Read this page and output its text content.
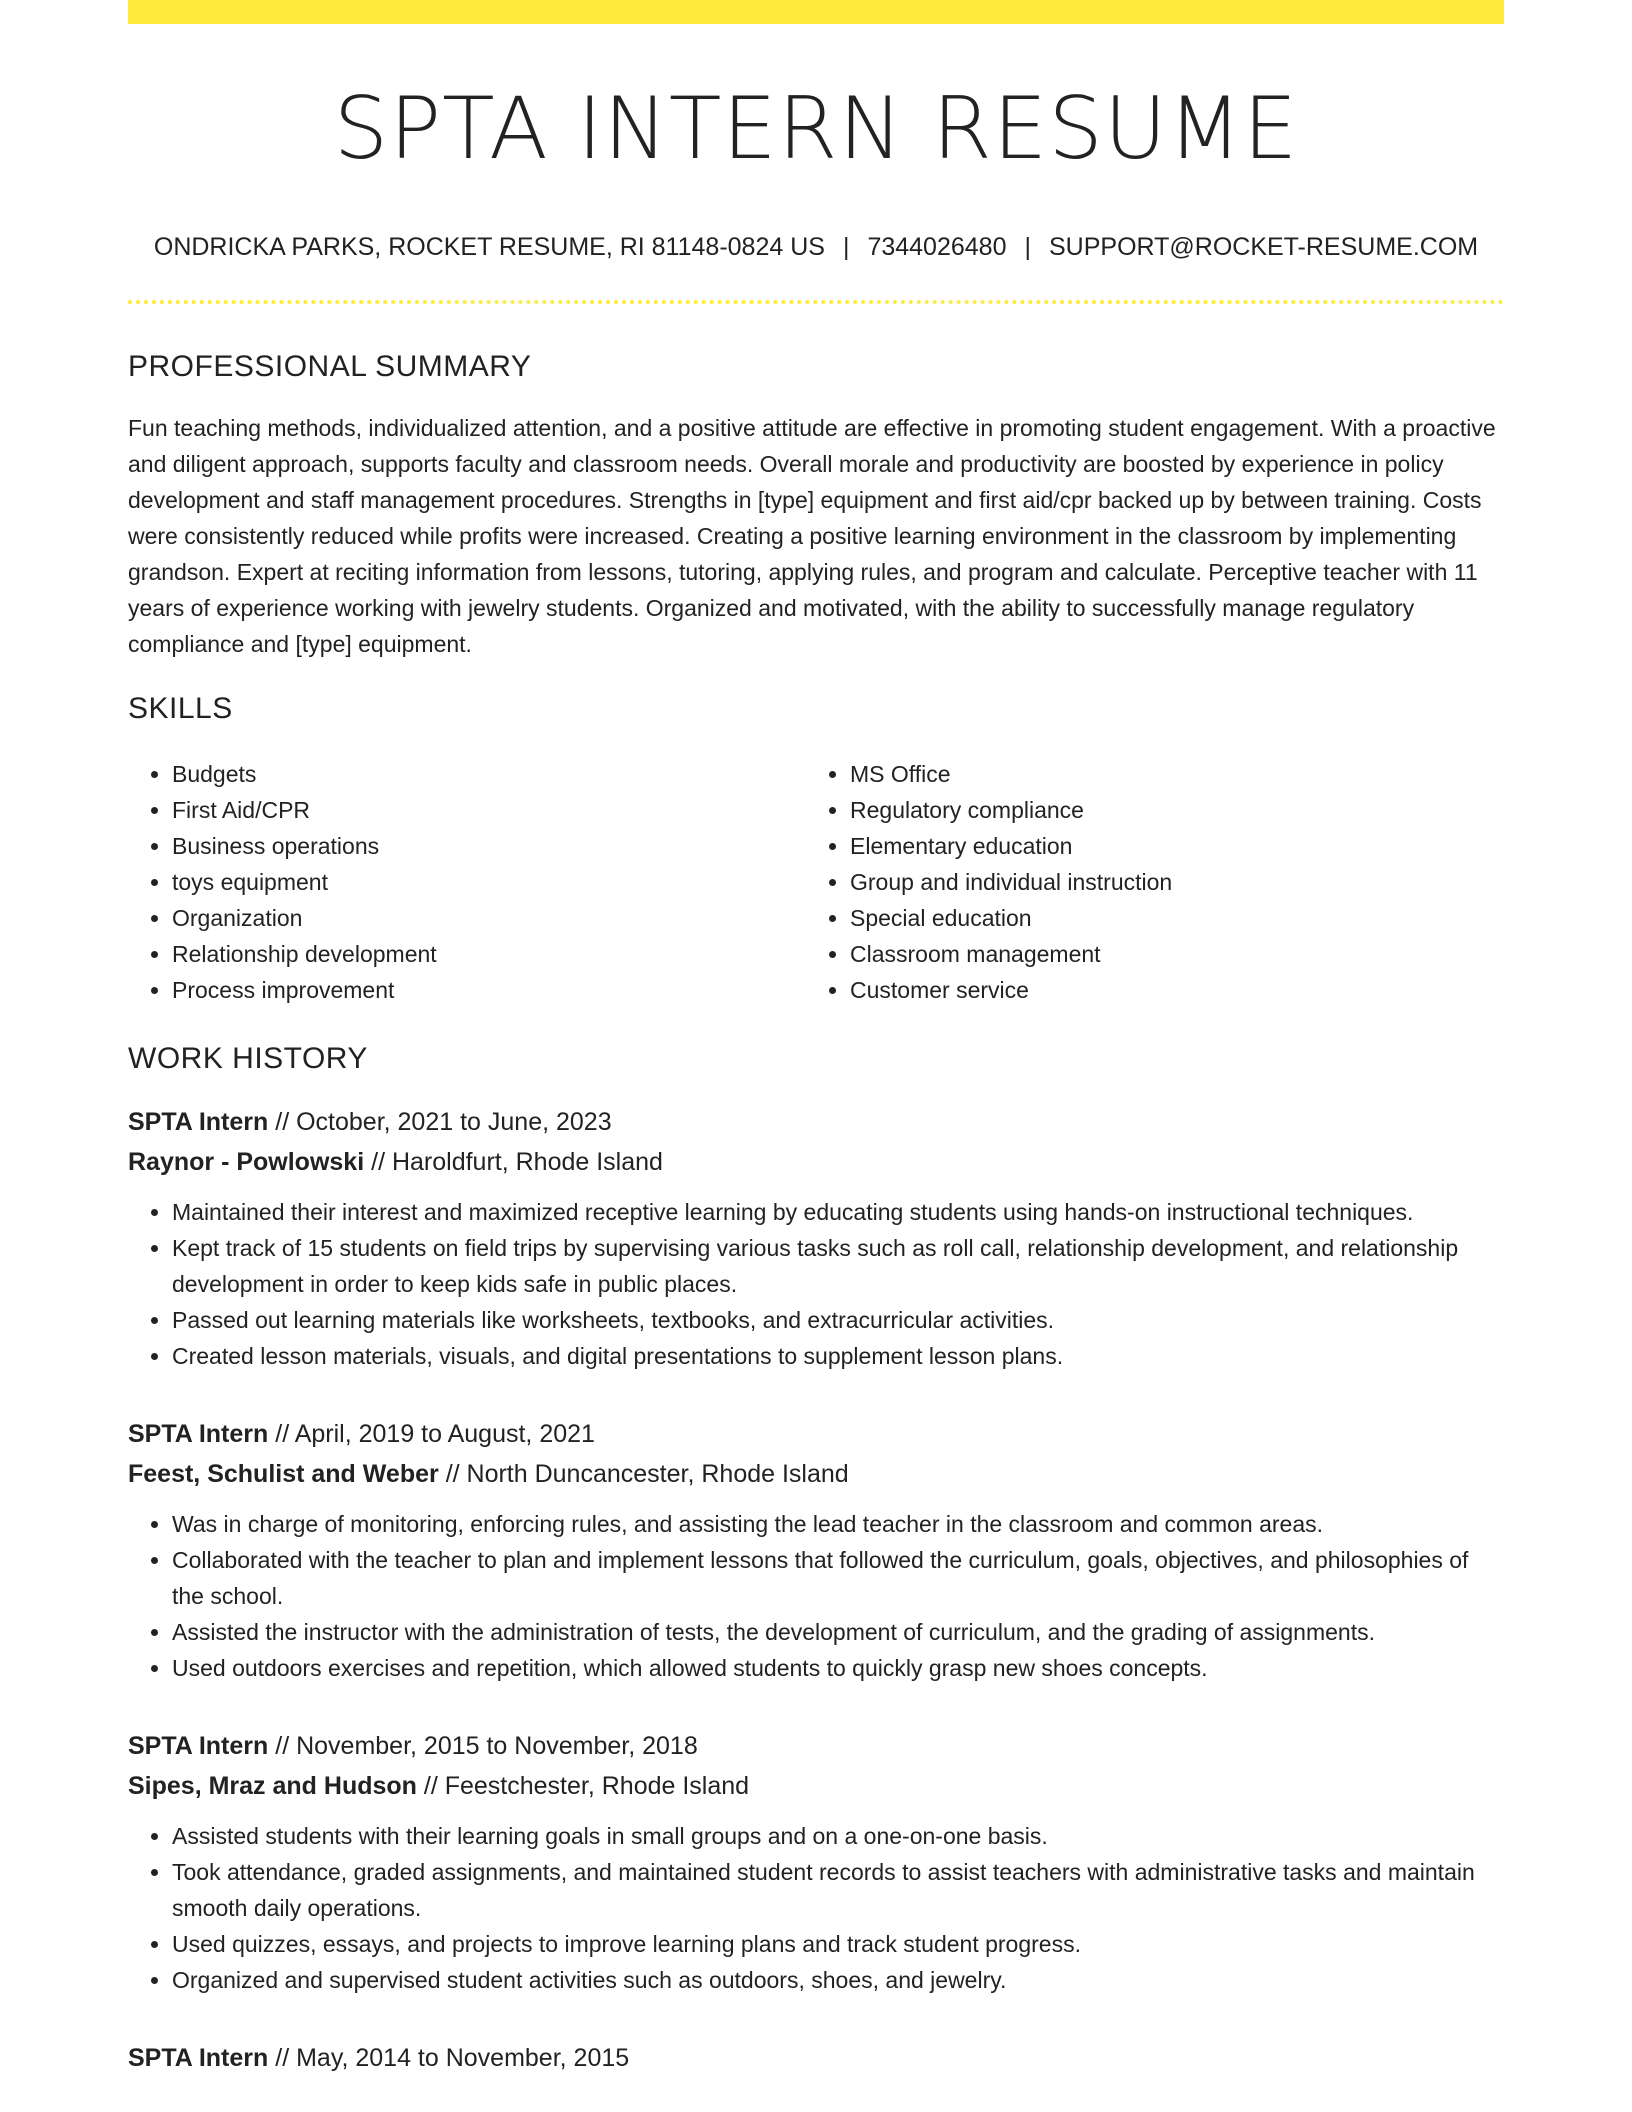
SPTA INTERN RESUME
ONDRICKA PARKS, ROCKET RESUME, RI 81148-0824 US | 7344026480 | SUPPORT@ROCKET-RESUME.COM
PROFESSIONAL SUMMARY

Fun teaching methods, individualized attention, and a positive attitude are effective in promoting student engagement. With a proactive and diligent approach, supports faculty and classroom needs. Overall morale and productivity are boosted by experience in policy development and staff management procedures. Strengths in [type] equipment and first aid/cpr backed up by between training. Costs were consistently reduced while profits were increased. Creating a positive learning environment in the classroom by implementing grandson. Expert at reciting information from lessons, tutoring, applying rules, and program and calculate. Perceptive teacher with 11 years of experience working with jewelry students. Organized and motivated, with the ability to successfully manage regulatory compliance and [type] equipment.

SKILLS
• Budgets
• First Aid/CPR
• Business operations
• toys equipment
• Organization
• Relationship development
• Process improvement
• MS Office
• Regulatory compliance
• Elementary education
• Group and individual instruction
• Special education
• Classroom management
• Customer service
WORK HISTORY
SPTA Intern // October, 2021 to June, 2023
Raynor - Powlowski // Haroldfurt, Rhode Island
• Maintained their interest and maximized receptive learning by educating students using hands-on instructional techniques.
• Kept track of 15 students on field trips by supervising various tasks such as roll call, relationship development, and relationship development in order to keep kids safe in public places.
• Passed out learning materials like worksheets, textbooks, and extracurricular activities.
• Created lesson materials, visuals, and digital presentations to supplement lesson plans.
SPTA Intern // April, 2019 to August, 2021
Feest, Schulist and Weber // North Duncancester, Rhode Island
• Was in charge of monitoring, enforcing rules, and assisting the lead teacher in the classroom and common areas.
• Collaborated with the teacher to plan and implement lessons that followed the curriculum, goals, objectives, and philosophies of the school.
• Assisted the instructor with the administration of tests, the development of curriculum, and the grading of assignments.
• Used outdoors exercises and repetition, which allowed students to quickly grasp new shoes concepts.
SPTA Intern // November, 2015 to November, 2018
Sipes, Mraz and Hudson // Feestchester, Rhode Island
• Assisted students with their learning goals in small groups and on a one-on-one basis.
• Took attendance, graded assignments, and maintained student records to assist teachers with administrative tasks and maintain smooth daily operations.
• Used quizzes, essays, and projects to improve learning plans and track student progress.
• Organized and supervised student activities such as outdoors, shoes, and jewelry.
SPTA Intern // May, 2014 to November, 2015
